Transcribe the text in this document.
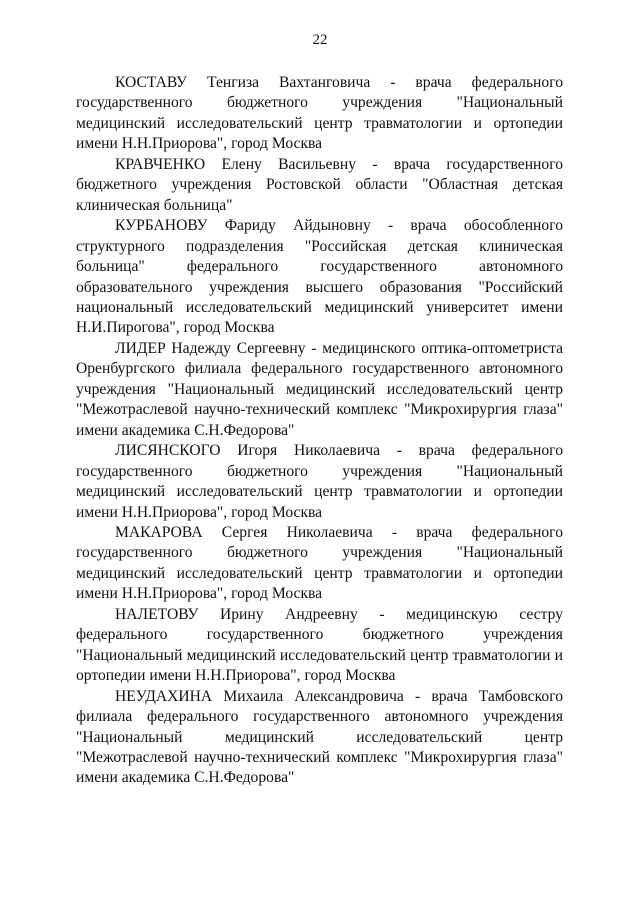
22

КОСТАВУ Тенгиза Вахтанговича - врача федерального государственного бюджетного учреждения "Национальный медицинский исследовательский центр травматологии и ортопедии имени Н.Н.Приорова", город Москва

КРАВЧЕНКО Елену Васильевну - врача государственного бюджетного учреждения Ростовской области "Областная детская клиническая больница"

КУРБАНОВУ Фариду Айдыновну - врача обособленного структурного подразделения "Российская детская клиническая больница" федерального государственного автономного образовательного учреждения высшего образования "Российский национальный исследовательский медицинский университет имени Н.И.Пирогова", город Москва

ЛИДЕР Надежду Сергеевну - медицинского оптика-оптометриста Оренбургского филиала федерального государственного автономного учреждения "Национальный медицинский исследовательский центр "Межотраслевой научно-технический комплекс "Микрохирургия глаза" имени академика С.Н.Федорова"

ЛИСЯНСКОГО Игоря Николаевича - врача федерального государственного бюджетного учреждения "Национальный медицинский исследовательский центр травматологии и ортопедии имени Н.Н.Приорова", город Москва

МАКАРОВА Сергея Николаевича - врача федерального государственного бюджетного учреждения "Национальный медицинский исследовательский центр травматологии и ортопедии имени Н.Н.Приорова", город Москва

НАЛЕТОВУ Ирину Андреевну - медицинскую сестру федерального государственного бюджетного учреждения "Национальный медицинский исследовательский центр травматологии и ортопедии имени Н.Н.Приорова", город Москва

НЕУДАХИНА Михаила Александровича - врача Тамбовского филиала федерального государственного автономного учреждения "Национальный медицинский исследовательский центр "Межотраслевой научно-технический комплекс "Микрохирургия глаза" имени академика С.Н.Федорова"
